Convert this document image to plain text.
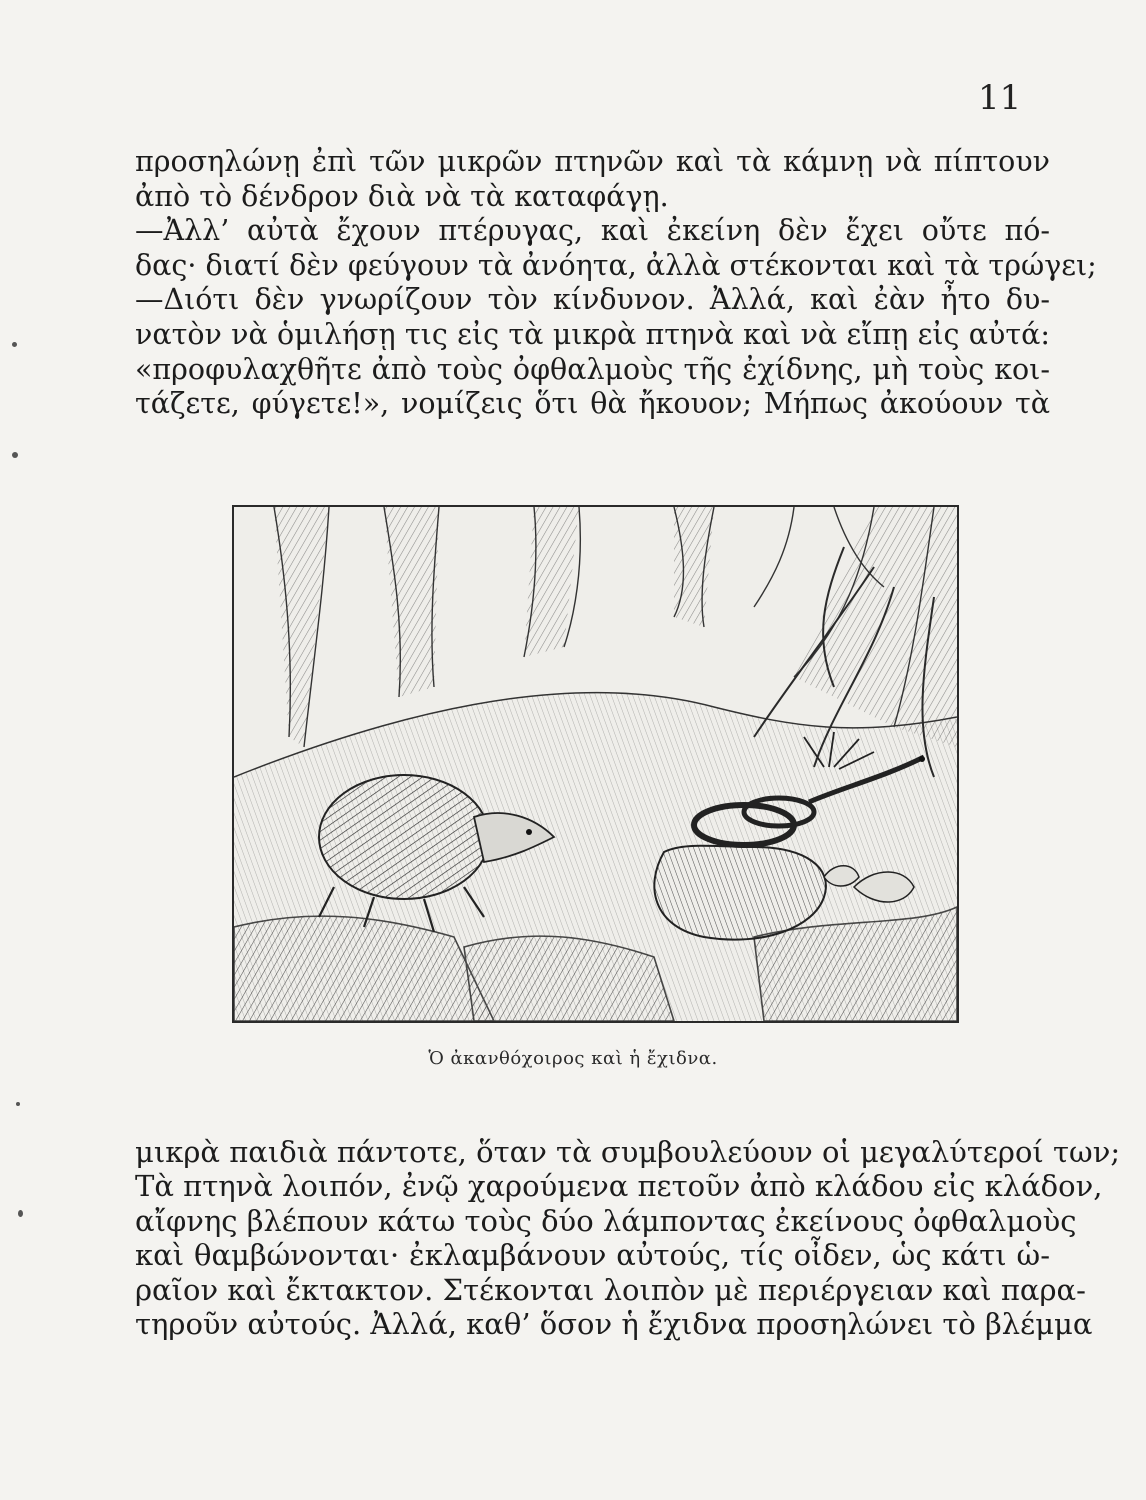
11
προσηλώνῃ ἐπὶ τῶν μικρῶν πτηνῶν καὶ τὰ κάμνῃ νὰ πίπτουν
ἀπὸ τὸ δένδρον διὰ νὰ τὰ καταφάγῃ.
—Ἀλλ’ αὐτὰ ἔχουν πτέρυγας, καὶ ἐκείνη δὲν ἔχει οὔτε πό-
δας· διατί δὲν φεύγουν τὰ ἀνόητα, ἀλλὰ στέκονται καὶ τὰ τρώγει;
—Διότι δὲν γνωρίζουν τὸν κίνδυνον. Ἀλλά, καὶ ἐὰν ἦτο δυ-
νατὸν νὰ ὁμιλήσῃ τις εἰς τὰ μικρὰ πτηνὰ καὶ νὰ εἴπῃ εἰς αὐτά:
«προφυλαχθῆτε ἀπὸ τοὺς ὀφθαλμοὺς τῆς ἐχίδνης, μὴ τοὺς κοι-
τάζετε, φύγετε!», νομίζεις ὅτι θὰ ἤκουον; Μήπως ἀκούουν τὰ
Ὁ ἀκανθόχοιρος καὶ ἡ ἔχιδνα.
μικρὰ παιδιὰ πάντοτε, ὅταν τὰ συμβουλεύουν οἱ μεγαλύτεροί των;
Τὰ πτηνὰ λοιπόν, ἐνῷ χαρούμενα πετοῦν ἀπὸ κλάδου εἰς κλάδον,
αἴφνης βλέπουν κάτω τοὺς δύο λάμποντας ἐκείνους ὀφθαλμοὺς
καὶ θαμβώνονται· ἐκλαμβάνουν αὐτούς, τίς οἶδεν, ὡς κάτι ὡ-
ραῖον καὶ ἔκτακτον. Στέκονται λοιπὸν μὲ περιέργειαν καὶ παρα-
τηροῦν αὐτούς. Ἀλλά, καθ’ ὅσον ἡ ἔχιδνα προσηλώνει τὸ βλέμμα
